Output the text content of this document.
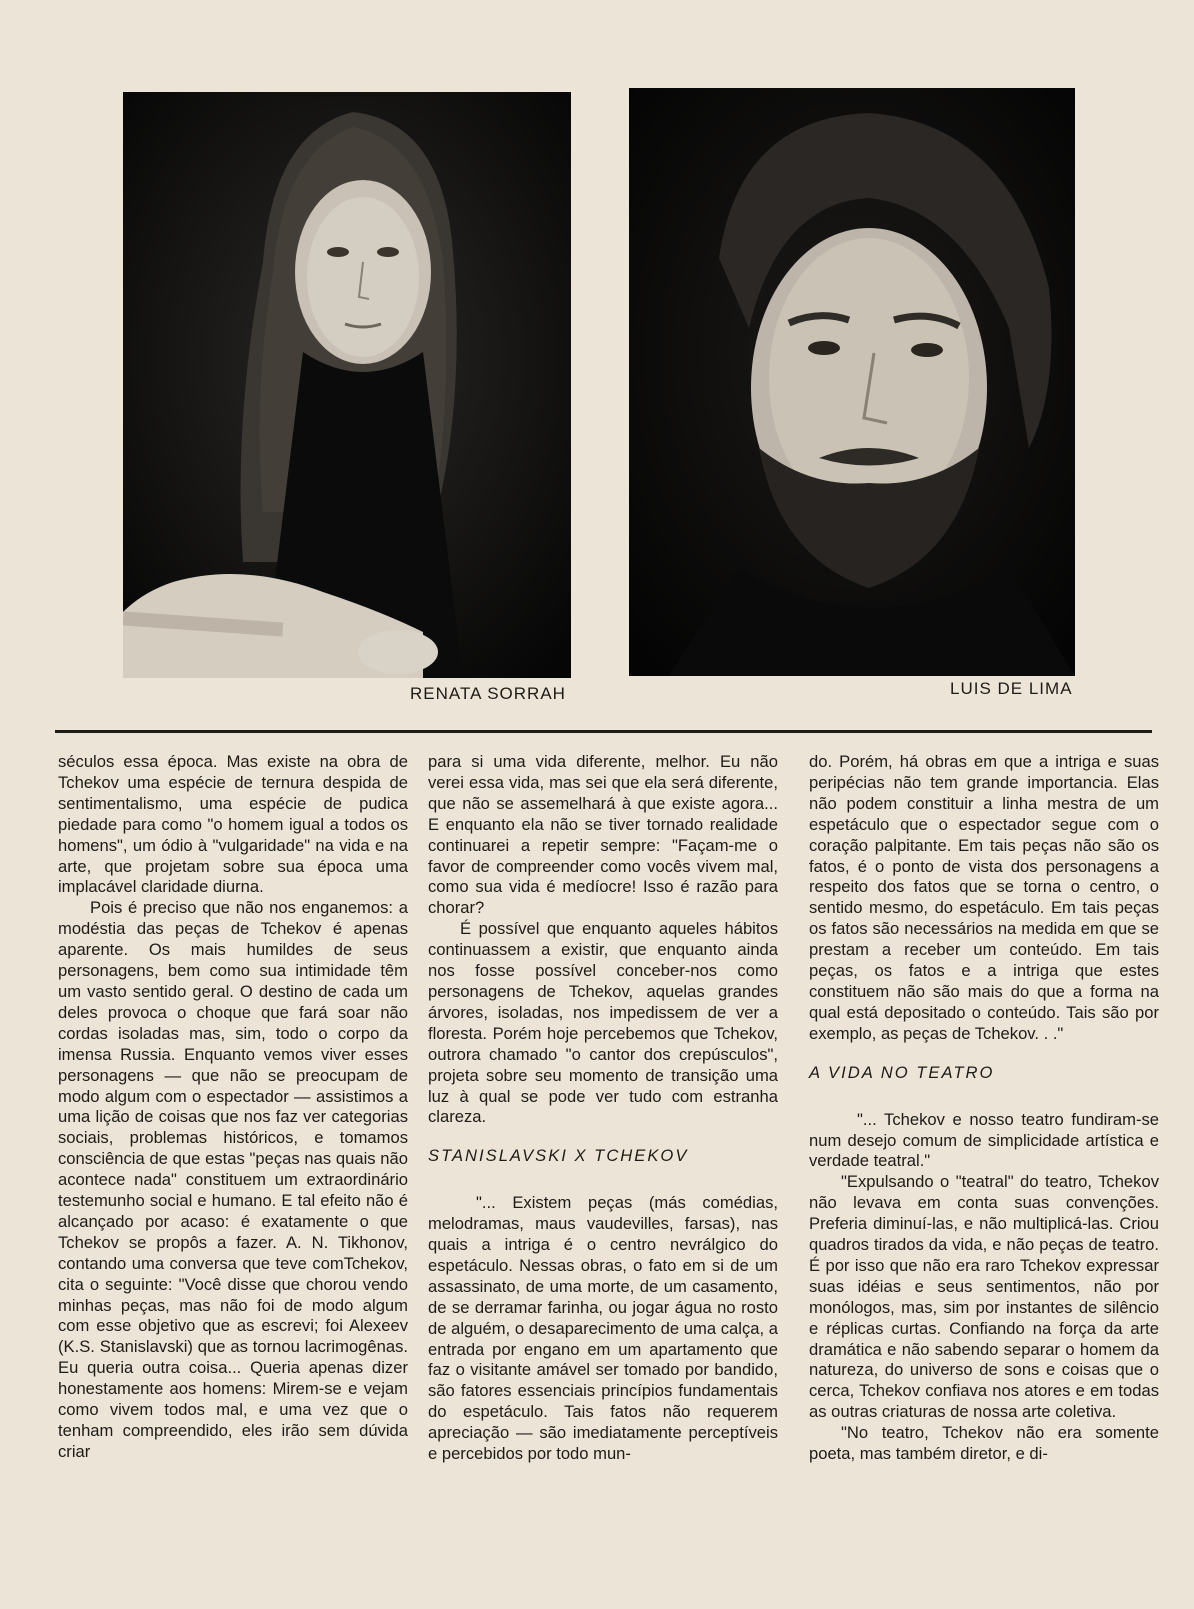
RENATA SORRAH	LUIS DE LIMA

séculos essa época. Mas existe na obra de Tchekov uma espécie de ternura despida de sentimentalismo, uma espécie de pudica piedade para como "o homem igual a todos os homens", um ódio à "vulgaridade" na vida e na arte, que projetam sobre sua época uma implacável claridade diurna.

Pois é preciso que não nos enganemos: a modéstia das peças de Tchekov é apenas aparente. Os mais humildes de seus personagens, bem como sua intimidade têm um vasto sentido geral. O destino de cada um deles provoca o choque que fará soar não cordas isoladas mas, sim, todo o corpo da imensa Russia. Enquanto vemos viver esses personagens — que não se preocupam de modo algum com o espectador — assistimos a uma lição de coisas que nos faz ver categorias sociais, problemas históricos, e tomamos consciência de que estas "peças nas quais não acontece nada" constituem um extraordinário testemunho social e humano. E tal efeito não é alcançado por acaso: é exatamente o que Tchekov se propôs a fazer. A. N. Tikhonov, contando uma conversa que teve comTchekov, cita o seguinte: "Você disse que chorou vendo minhas peças, mas não foi de modo algum com esse objetivo que as escrevi; foi Alexeev (K.S. Stanislavski) que as tornou lacrimogênas. Eu queria outra coisa... Queria apenas dizer honestamente aos homens: Mirem-se e vejam como vivem todos mal, e uma vez que o tenham compreendido, eles irão sem dúvida criar

para si uma vida diferente, melhor. Eu não verei essa vida, mas sei que ela será diferente, que não se assemelhará à que existe agora... E enquanto ela não se tiver tornado realidade continuarei a repetir sempre: "Façam-me o favor de compreender como vocês vivem mal, como sua vida é medíocre! Isso é razão para chorar?

É possível que enquanto aqueles hábitos continuassem a existir, que enquanto ainda nos fosse possível conceber-nos como personagens de Tchekov, aquelas grandes árvores, isoladas, nos impedissem de ver a floresta. Porém hoje percebemos que Tchekov, outrora chamado "o cantor dos crepúsculos", projeta sobre seu momento de transição uma luz à qual se pode ver tudo com estranha clareza.

STANISLAVSKI X TCHEKOV

"... Existem peças (más comédias, melodramas, maus vaudevilles, farsas), nas quais a intriga é o centro nevrálgico do espetáculo. Nessas obras, o fato em si de um assassinato, de uma morte, de um casamento, de se derramar farinha, ou jogar água no rosto de alguém, o desaparecimento de uma calça, a entrada por engano em um apartamento que faz o visitante amável ser tomado por bandido, são fatores essenciais princípios fundamentais do espetáculo. Tais fatos não requerem apreciação — são imediatamente perceptíveis e percebidos por todo mun-

do. Porém, há obras em que a intriga e suas peripécias não tem grande importancia. Elas não podem constituir a linha mestra de um espetáculo que o espectador segue com o coração palpitante. Em tais peças não são os fatos, é o ponto de vista dos personagens a respeito dos fatos que se torna o centro, o sentido mesmo, do espetáculo. Em tais peças os fatos são necessários na medida em que se prestam a receber um conteúdo. Em tais peças, os fatos e a intriga que estes constituem não são mais do que a forma na qual está depositado o conteúdo. Tais são por exemplo, as peças de Tchekov. . ."

A VIDA NO TEATRO

"... Tchekov e nosso teatro fundiram-se num desejo comum de simplicidade artística e verdade teatral."

"Expulsando o "teatral" do teatro, Tchekov não levava em conta suas convenções. Preferia diminuí-las, e não multiplicá-las. Criou quadros tirados da vida, e não peças de teatro. É por isso que não era raro Tchekov expressar suas idéias e seus sentimentos, não por monólogos, mas, sim por instantes de silêncio e réplicas curtas. Confiando na força da arte dramática e não sabendo separar o homem da natureza, do universo de sons e coisas que o cerca, Tchekov confiava nos atores e em todas as outras criaturas de nossa arte coletiva.

"No teatro, Tchekov não era somente poeta, mas também diretor, e di-
